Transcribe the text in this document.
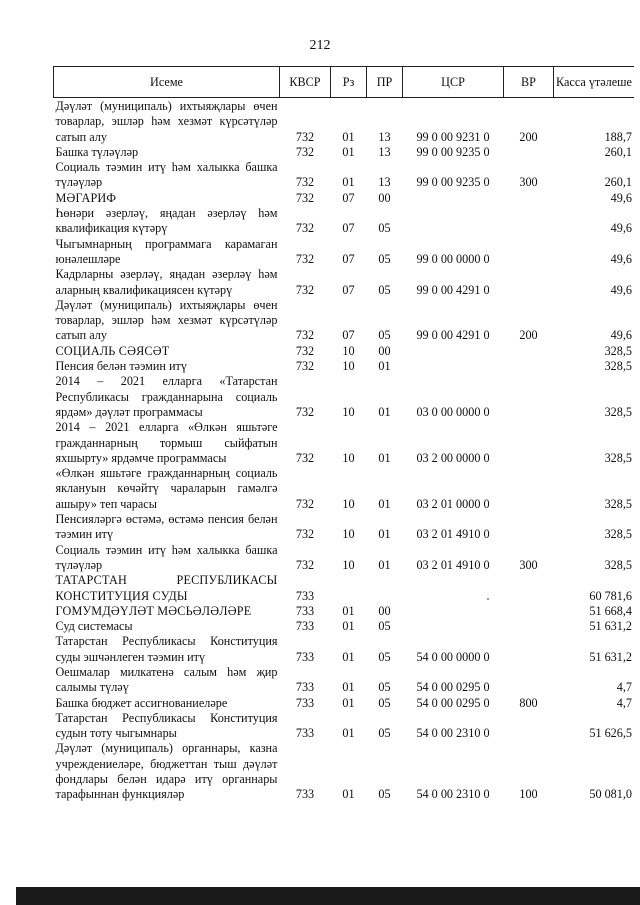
212
Исеме	КВСР	Рз	ПР	ЦСР	ВР	Касса үтәлеше
Дәүләт (муниципаль) ихтыяҗлары өчен товарлар, эшләр һәм хезмәт күрсәтүләр сатып алу	732	01	13	99 0 00 9231 0	200	188,7
Башка түләүләр	732	01	13	99 0 00 9235 0		260,1
Социаль тәэмин итү һәм халыкка башка түләүләр	732	01	13	99 0 00 9235 0	300	260,1
МӘГАРИФ	732	07	00			49,6
Һөнәри әзерләү, яңадан әзерләү һәм квалификация күтәрү	732	07	05			49,6
Чыгымнарның программага карамаган юнәлешләре	732	07	05	99 0 00 0000 0		49,6
Кадрларны әзерләү, яңадан әзерләү һәм аларның квалификациясен күтәрү	732	07	05	99 0 00 4291 0		49,6
Дәүләт (муниципаль) ихтыяҗлары өчен товарлар, эшләр һәм хезмәт күрсәтүләр сатып алу	732	07	05	99 0 00 4291 0	200	49,6
СОЦИАЛЬ СӘЯСӘТ	732	10	00			328,5
Пенсия белән тәэмин итү	732	10	01			328,5
2014 – 2021 елларга «Татарстан Республикасы гражданнарына социаль ярдәм» дәүләт программасы	732	10	01	03 0 00 0000 0		328,5
2014 – 2021 елларга «Өлкән яшьтәге гражданнарның тормыш сыйфатын яхшырту» ярдәмче программасы	732	10	01	03 2 00 0000 0		328,5
«Өлкән яшьтәге гражданнарның социаль яклануын көчәйтү чараларын гамәлгә ашыру» теп чарасы	732	10	01	03 2 01 0000 0		328,5
Пенсияләргә өстәмә, өстәмә пенсия белән тәэмин итү	732	10	01	03 2 01 4910 0		328,5
Социаль тәэмин итү һәм халыкка башка түләүләр	732	10	01	03 2 01 4910 0	300	328,5
ТАТАРСТАН РЕСПУБЛИКАСЫ КОНСТИТУЦИЯ СУДЫ	733					60 781,6
ГОМУМДӘҮЛӘТ МӘСЬӘЛӘЛӘРЕ	733	01	00			51 668,4
Суд системасы	733	01	05			51 631,2
Татарстан Республикасы Конституция суды эшчәнлеген тәэмин итү	733	01	05	54 0 00 0000 0		51 631,2
Оешмалар милкатенә салым һәм җир салымы түләү	733	01	05	54 0 00 0295 0		4,7
Башка бюджет ассигнованиеләре	733	01	05	54 0 00 0295 0	800	4,7
Татарстан Республикасы Конституция судын тоту чыгымнары	733	01	05	54 0 00 2310 0		51 626,5
Дәүләт (муниципаль) органнары, казна учреждениеләре, бюджеттан тыш дәүләт фондлары белән идарә итү органнары тарафыннан функцияләр	733	01	05	54 0 00 2310 0	100	50 081,0
